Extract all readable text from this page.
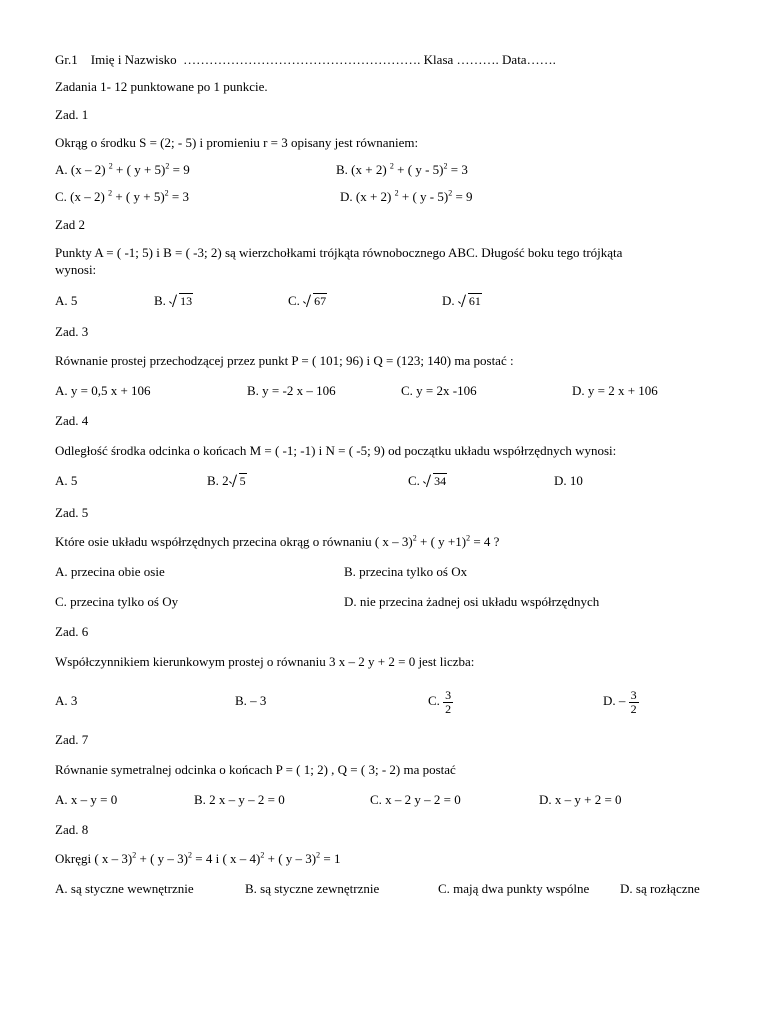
Gr.1 Imię i Nazwisko ………………………………………………. Klasa ………. Data…….
Zadania 1- 12 punktowane po 1 punkcie.
Zad. 1
Okrąg o środku S = (2; - 5) i promieniu r = 3 opisany jest równaniem:
A. (x – 2) $^2$ + ( y + 5)$^2$ = 9	B. (x + 2) $^2$ + ( y - 5)$^2$ = 3
C. (x – 2) $^2$ + ( y + 5)$^2$ = 3	D. (x + 2) $^2$ + ( y - 5)$^2$ = 9
Zad 2
Punkty A = ( -1; 5) i B = ( -3; 2) są wierzchołkami trójkąta równobocznego ABC. Długość boku tego trójkąta
wynosi:
A. 5	B. 13	C. 67	D. 61
Zad. 3
Równanie prostej przechodzącej przez punkt P = ( 101; 96) i Q = (123; 140) ma postać :
A. y = 0,5 x + 106	B. y = -2 x – 106	C. y = 2x -106	D. y = 2 x + 106
Zad. 4
Odległość środka odcinka o końcach M = ( -1; -1) i N = ( -5; 9) od początku układu współrzędnych wynosi:
A. 5	B. 2 5	C. 34	D. 10
Zad. 5
Które osie układu współrzędnych przecina okrąg o równaniu ( x – 3)$^2$ + ( y +1)$^2$ = 4 ?
A. przecina obie osie	B. przecina tylko oś Ox
C. przecina tylko oś Oy	D. nie przecina żadnej osi układu współrzędnych
Zad. 6
Współczynnikiem kierunkowym prostej o równaniu 3 x – 2 y + 2 = 0 jest liczba:
A. 3	B. – 3	C. $\frac{3}{2}$	D. – $\frac{3}{2}$
Zad. 7
Równanie symetralnej odcinka o końcach P = ( 1; 2) , Q = ( 3; - 2) ma postać
A. x – y = 0	B. 2 x – y – 2 = 0	C. x – 2 y – 2 = 0	D. x – y + 2 = 0
Zad. 8
Okręgi ( x – 3)$^2$ + ( y – 3)$^2$ = 4 i ( x – 4)$^2$ + ( y – 3)$^2$ = 1
A. są styczne wewnętrznie	B. są styczne zewnętrznie	C. mają dwa punkty wspólne D. są rozłączne
